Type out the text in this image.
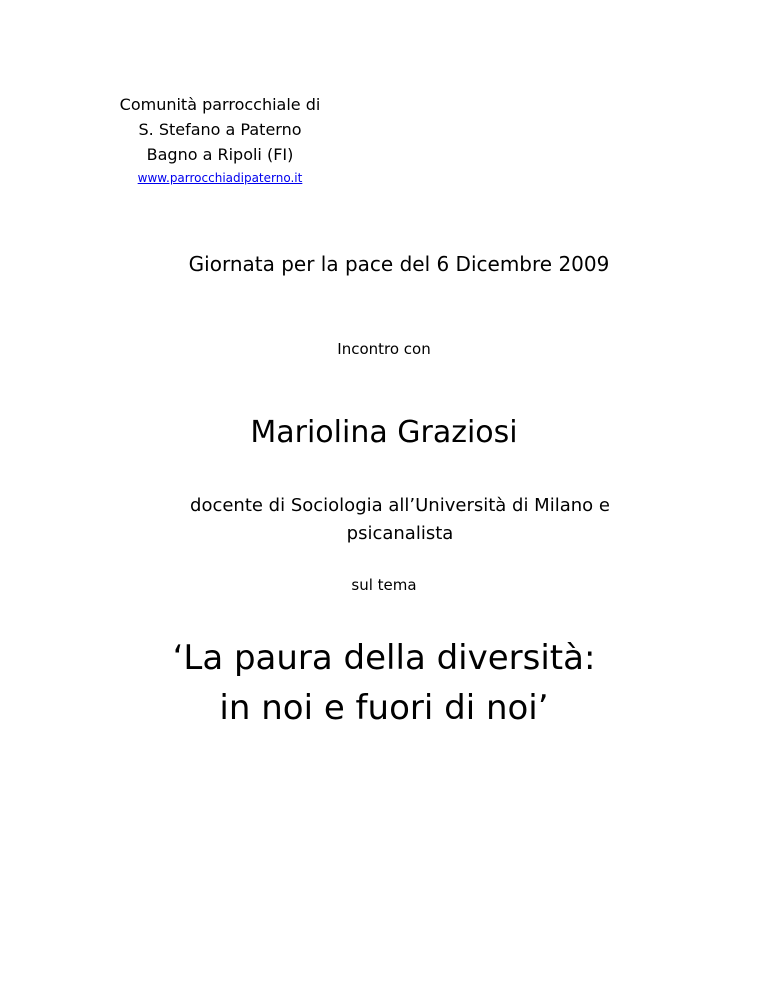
Comunità parrocchiale di
S. Stefano a Paterno
Bagno a Ripoli (FI)
www.parrocchiadipaterno.it
Giornata per la pace del 6 Dicembre 2009
Incontro con
Mariolina Graziosi
docente di Sociologia all’Università di Milano e
psicanalista
sul tema
‘La paura della diversità:
in noi e fuori di noi’
